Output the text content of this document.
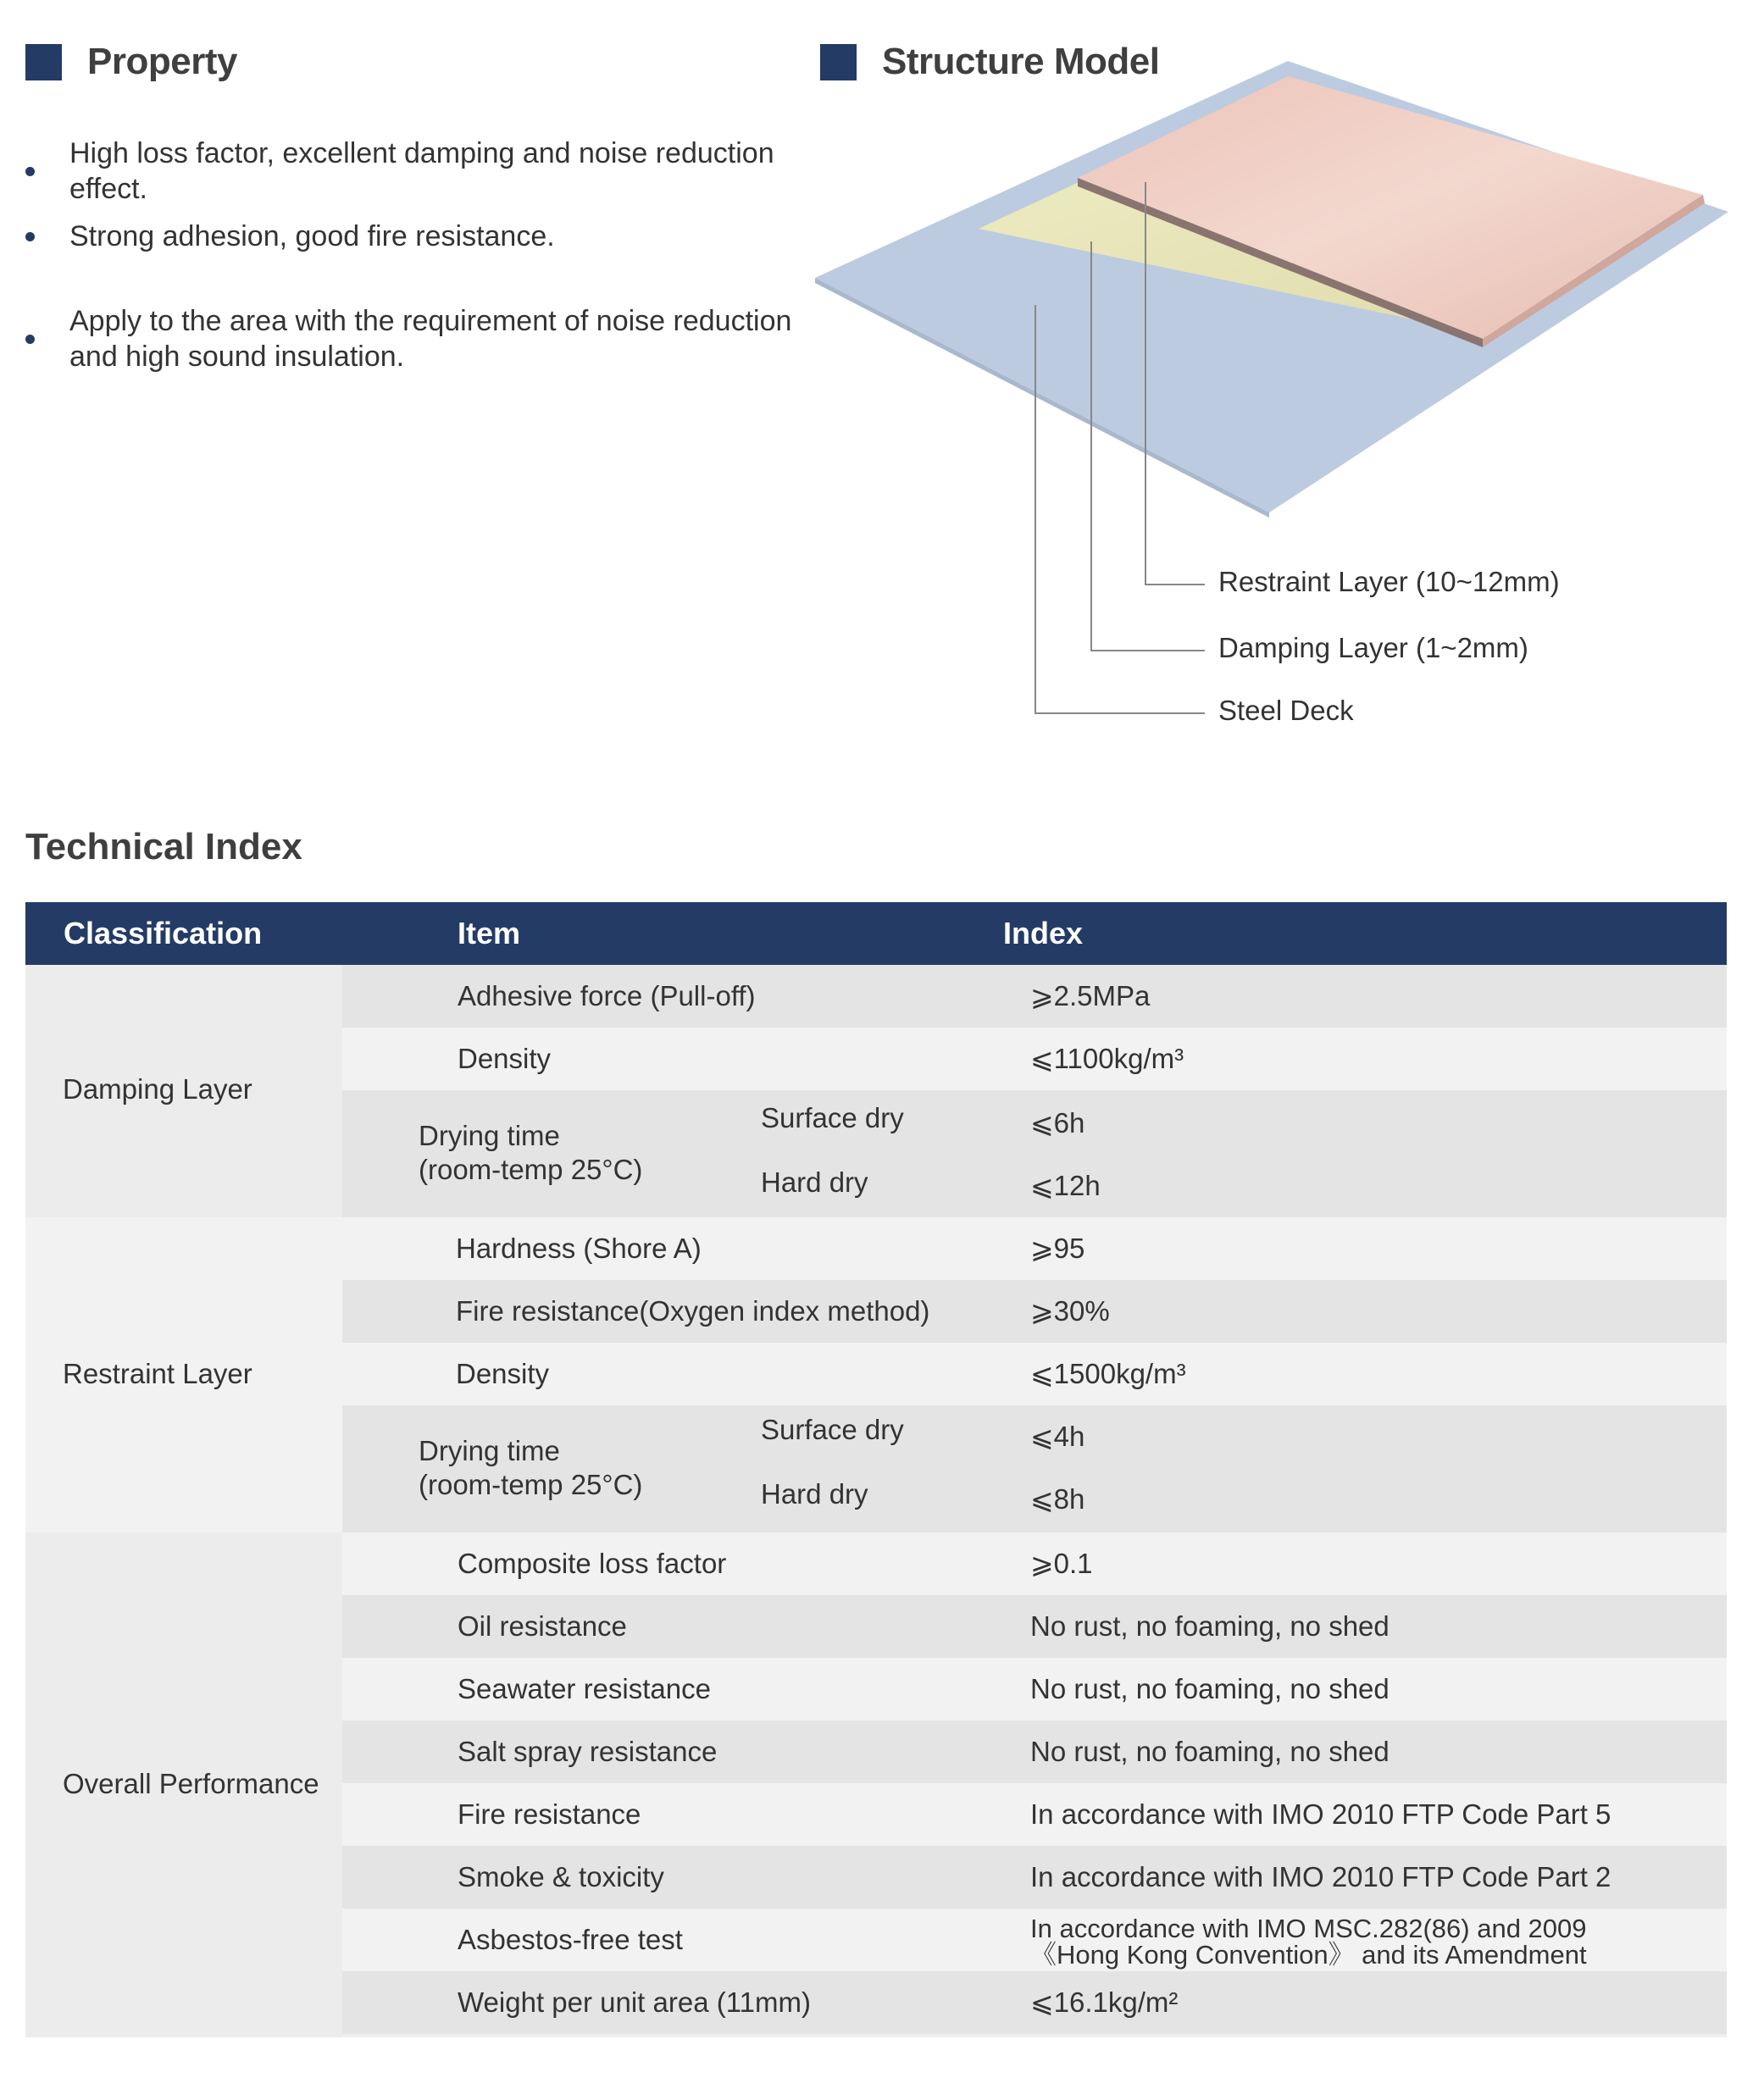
Property
High loss factor, excellent damping and noise reduction effect.
Strong adhesion, good fire resistance.
Apply to the area with the requirement of noise reduction
and high sound insulation.
Structure Model
Restraint Layer (10~12mm)
Damping Layer (1~2mm)
Steel Deck
Technical Index
Classification	Item	Index
Damping Layer
Adhesive force (Pull-off)	⩾2.5MPa
Density	⩽1100kg/m³
Drying time
(room-temp 25°C)
Surface dry	⩽6h
Hard dry	⩽12h
Restraint Layer
Hardness (Shore A)	⩾95
Fire resistance(Oxygen index method)	⩾30%
Density	⩽1500kg/m³
Drying time
(room-temp 25°C)
Surface dry	⩽4h
Hard dry	⩽8h
Overall Performance
Composite loss factor	⩾0.1
Oil resistance	No rust, no foaming, no shed
Seawater resistance	No rust, no foaming, no shed
Salt spray resistance	No rust, no foaming, no shed
Fire resistance	In accordance with IMO 2010 FTP Code Part 5
Smoke & toxicity	In accordance with IMO 2010 FTP Code Part 2
Asbestos-free test	In accordance with IMO MSC.282(86) and 2009
《Hong Kong Convention》 and its Amendment
Weight per unit area (11mm)	⩽16.1kg/m²
